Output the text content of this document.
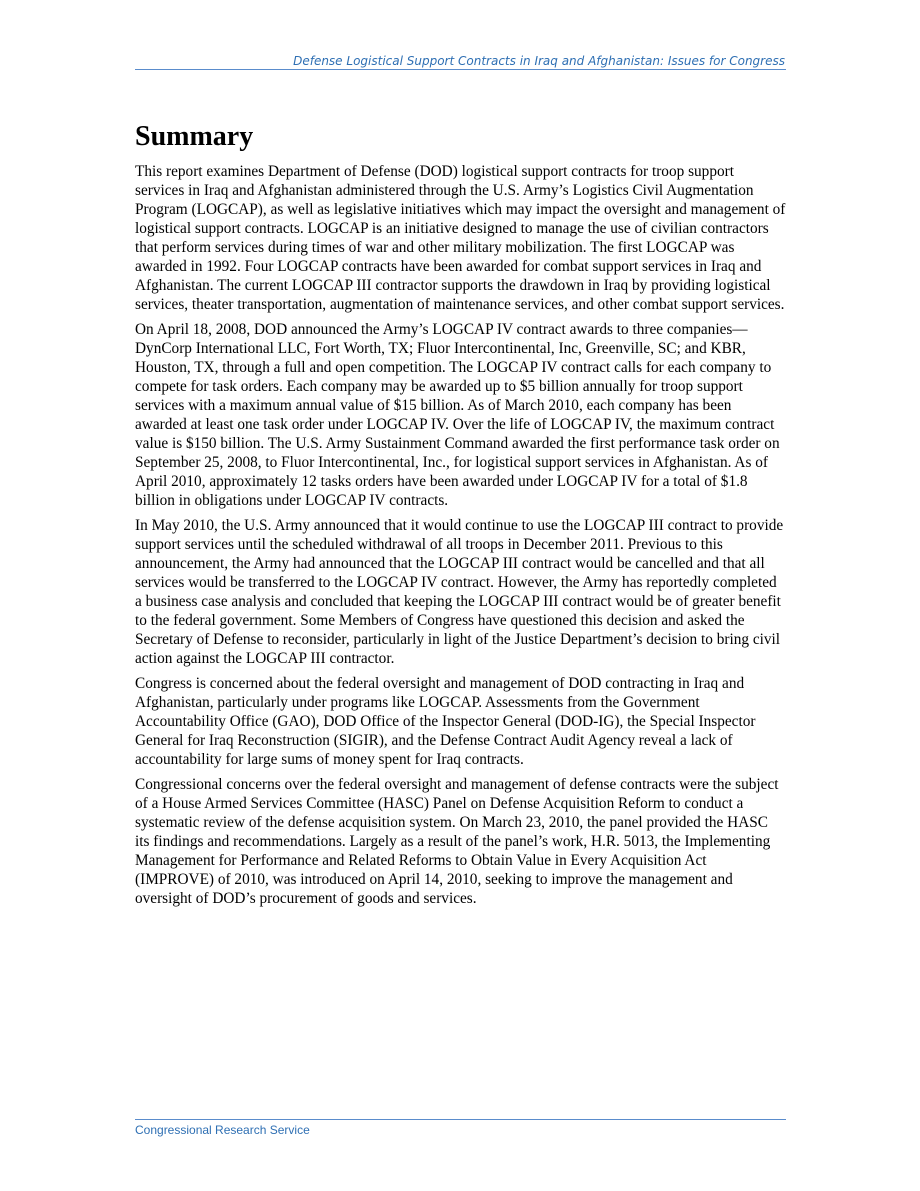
Defense Logistical Support Contracts in Iraq and Afghanistan: Issues for Congress
Summary

This report examines Department of Defense (DOD) logistical support contracts for troop support services in Iraq and Afghanistan administered through the U.S. Army’s Logistics Civil Augmentation Program (LOGCAP), as well as legislative initiatives which may impact the oversight and management of logistical support contracts. LOGCAP is an initiative designed to manage the use of civilian contractors that perform services during times of war and other military mobilization. The first LOGCAP was awarded in 1992. Four LOGCAP contracts have been awarded for combat support services in Iraq and Afghanistan. The current LOGCAP III contractor supports the drawdown in Iraq by providing logistical services, theater transportation, augmentation of maintenance services, and other combat support services.

On April 18, 2008, DOD announced the Army’s LOGCAP IV contract awards to three companies—DynCorp International LLC, Fort Worth, TX; Fluor Intercontinental, Inc, Greenville, SC; and KBR, Houston, TX, through a full and open competition. The LOGCAP IV contract calls for each company to compete for task orders. Each company may be awarded up to $5 billion annually for troop support services with a maximum annual value of $15 billion. As of March 2010, each company has been awarded at least one task order under LOGCAP IV. Over the life of LOGCAP IV, the maximum contract value is $150 billion. The U.S. Army Sustainment Command awarded the first performance task order on September 25, 2008, to Fluor Intercontinental, Inc., for logistical support services in Afghanistan. As of April 2010, approximately 12 tasks orders have been awarded under LOGCAP IV for a total of $1.8 billion in obligations under LOGCAP IV contracts.

In May 2010, the U.S. Army announced that it would continue to use the LOGCAP III contract to provide support services until the scheduled withdrawal of all troops in December 2011. Previous to this announcement, the Army had announced that the LOGCAP III contract would be cancelled and that all services would be transferred to the LOGCAP IV contract. However, the Army has reportedly completed a business case analysis and concluded that keeping the LOGCAP III contract would be of greater benefit to the federal government. Some Members of Congress have questioned this decision and asked the Secretary of Defense to reconsider, particularly in light of the Justice Department’s decision to bring civil action against the LOGCAP III contractor.

Congress is concerned about the federal oversight and management of DOD contracting in Iraq and Afghanistan, particularly under programs like LOGCAP. Assessments from the Government Accountability Office (GAO), DOD Office of the Inspector General (DOD-IG), the Special Inspector General for Iraq Reconstruction (SIGIR), and the Defense Contract Audit Agency reveal a lack of accountability for large sums of money spent for Iraq contracts.

Congressional concerns over the federal oversight and management of defense contracts were the subject of a House Armed Services Committee (HASC) Panel on Defense Acquisition Reform to conduct a systematic review of the defense acquisition system. On March 23, 2010, the panel provided the HASC its findings and recommendations. Largely as a result of the panel’s work, H.R. 5013, the Implementing Management for Performance and Related Reforms to Obtain Value in Every Acquisition Act (IMPROVE) of 2010, was introduced on April 14, 2010, seeking to improve the management and oversight of DOD’s procurement of goods and services.

Congressional Research Service
